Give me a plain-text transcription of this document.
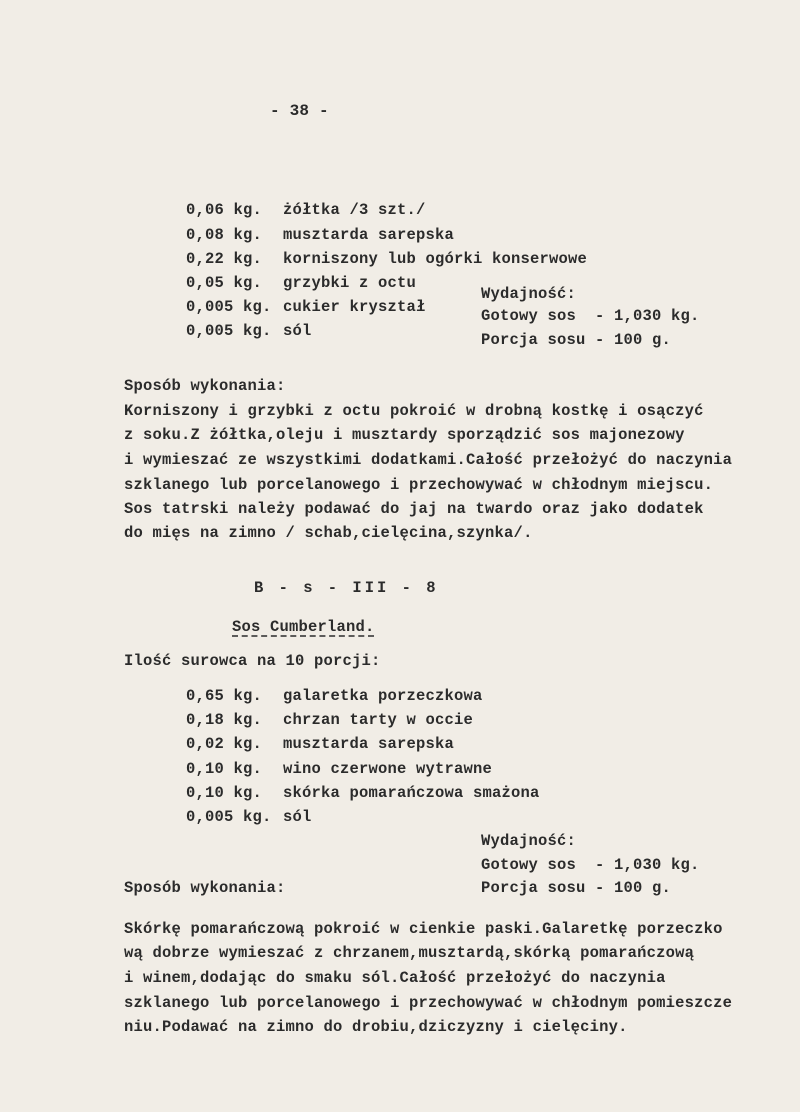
- 38 -
0,06 kg. żółtka /3 szt./
0,08 kg. musztarda sarepska
0,22 kg. korniszony lub ogórki konserwowe
0,05 kg. grzybki z octu
0,005 kg. cukier kryształ
0,005 kg. sól
Wydajność:
Gotowy sos  - 1,030 kg.
Porcja sosu - 100 g.
Sposób wykonania:
Korniszony i grzybki z octu pokroić w drobną kostkę i osączyć
z soku.Z żółtka,oleju i musztardy sporządzić sos majonezowy
i wymieszać ze wszystkimi dodatkami.Całość przełożyć do naczynia
szklanego lub porcelanowego i przechowywać w chłodnym miejscu.
Sos tatrski należy podawać do jaj na twardo oraz jako dodatek
do mięs na zimno / schab,cielęcina,szynka/.
B - s - III - 8
Sos Cumberland.
Ilość surowca na 10 porcji:
0,65 kg. galaretka porzeczkowa
0,18 kg. chrzan tarty w occie
0,02 kg. musztarda sarepska
0,10 kg. wino czerwone wytrawne
0,10 kg. skórka pomarańczowa smażona
0,005 kg. sól
Wydajność:
Gotowy sos  - 1,030 kg.
Porcja sosu - 100 g.
Sposób wykonania:
Skórkę pomarańczową pokroić w cienkie paski.Galaretkę porzeczko
wą dobrze wymieszać z chrzanem,musztardą,skórką pomarańczową
i winem,dodając do smaku sól.Całość przełożyć do naczynia
szklanego lub porcelanowego i przechowywać w chłodnym pomieszcze
niu.Podawać na zimno do drobiu,dziczyzny i cielęciny.
